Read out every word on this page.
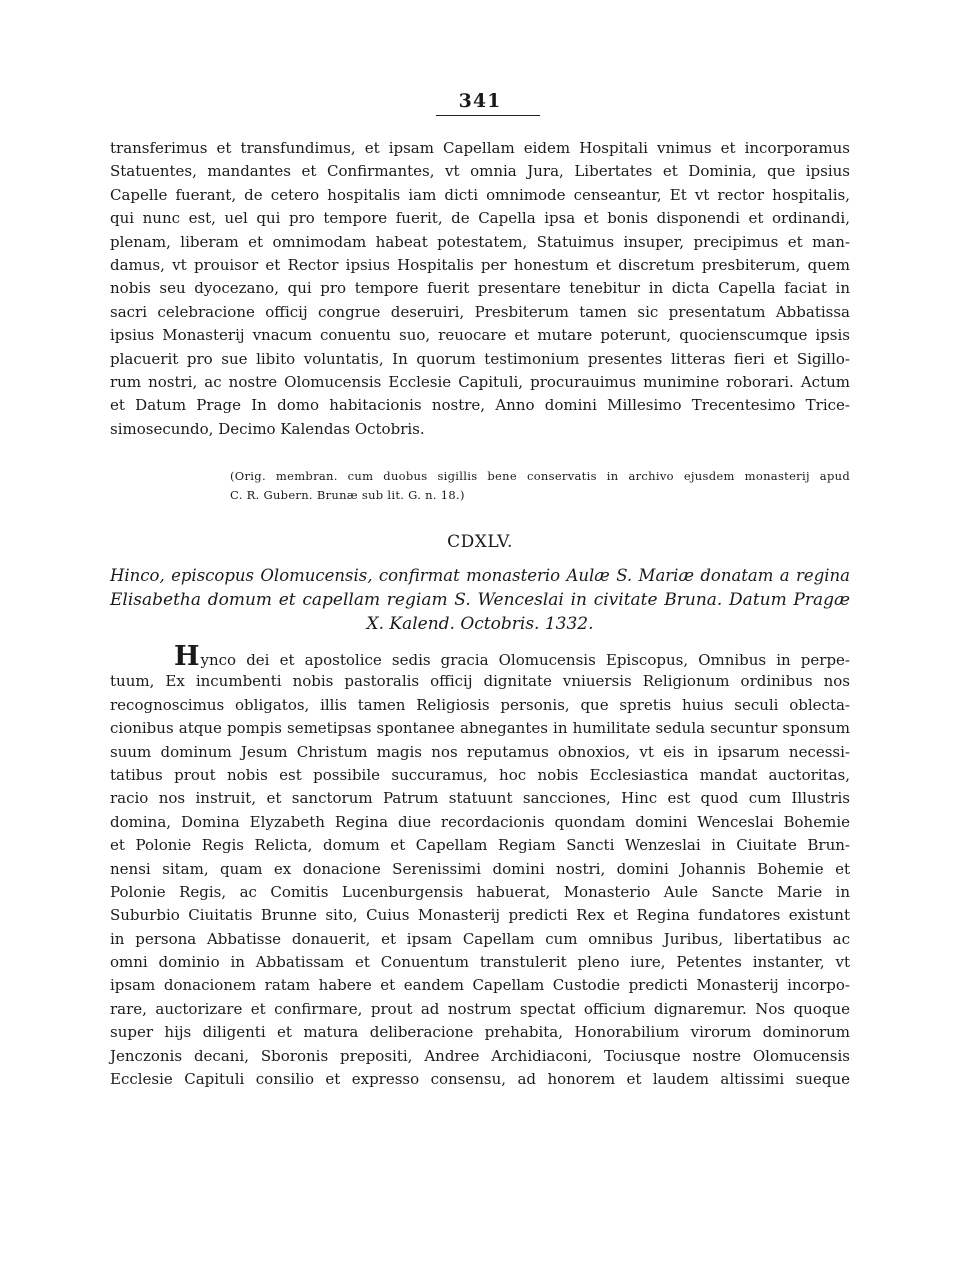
341
transferimus et transfundimus, et ipsam Capellam eidem Hospitali vnimus et incorporamus
Statuentes, mandantes et Confirmantes, vt omnia Jura, Libertates et Dominia, que ipsius
Capelle fuerant, de cetero hospitalis iam dicti omnimode censeantur, Et vt rector hospitalis,
qui nunc est, uel qui pro tempore fuerit, de Capella ipsa et bonis disponendi et ordinandi,
plenam, liberam et omnimodam habeat potestatem, Statuimus insuper, precipimus et man-
damus, vt prouisor et Rector ipsius Hospitalis per honestum et discretum presbiterum, quem
nobis seu dyocezano, qui pro tempore fuerit presentare tenebitur in dicta Capella faciat in
sacri celebracione officij congrue deseruiri, Presbiterum tamen sic presentatum Abbatissa
ipsius Monasterij vnacum conuentu suo, reuocare et mutare poterunt, quocienscumque ipsis
placuerit pro sue libito voluntatis, In quorum testimonium presentes litteras fieri et Sigillo-
rum nostri, ac nostre Olomucensis Ecclesie Capituli, procurauimus munimine roborari. Actum
et Datum Prage In domo habitacionis nostre, Anno domini Millesimo Trecentesimo Trice-
simosecundo, Decimo Kalendas Octobris.
(Orig. membran. cum duobus sigillis bene conservatis in archivo ejusdem monasterij apud
C. R. Gubern. Brunæ sub lit. G. n. 18.)
CDXLV.
Hinco, episcopus Olomucensis, confirmat monasterio Aulæ S. Mariæ donatam a regina
Elisabetha domum et capellam regiam S. Wenceslai in civitate Bruna. Datum Pragæ
X. Kalend. Octobris. 1332.
Hynco dei et apostolice sedis gracia Olomucensis Episcopus, Omnibus in perpe-
tuum, Ex incumbenti nobis pastoralis officij dignitate vniuersis Religionum ordinibus nos
recognoscimus obligatos, illis tamen Religiosis personis, que spretis huius seculi oblecta-
cionibus atque pompis semetipsas spontanee abnegantes in humilitate sedula secuntur sponsum
suum dominum Jesum Christum magis nos reputamus obnoxios, vt eis in ipsarum necessi-
tatibus prout nobis est possibile succuramus, hoc nobis Ecclesiastica mandat auctoritas,
racio nos instruit, et sanctorum Patrum statuunt sancciones, Hinc est quod cum Illustris
domina, Domina Elyzabeth Regina diue recordacionis quondam domini Wenceslai Bohemie
et Polonie Regis Relicta, domum et Capellam Regiam Sancti Wenzeslai in Ciuitate Brun-
nensi sitam, quam ex donacione Serenissimi domini nostri, domini Johannis Bohemie et
Polonie Regis, ac Comitis Lucenburgensis habuerat, Monasterio Aule Sancte Marie in
Suburbio Ciuitatis Brunne sito, Cuius Monasterij predicti Rex et Regina fundatores existunt
in persona Abbatisse donauerit, et ipsam Capellam cum omnibus Juribus, libertatibus ac
omni dominio in Abbatissam et Conuentum transtulerit pleno iure, Petentes instanter, vt
ipsam donacionem ratam habere et eandem Capellam Custodie predicti Monasterij incorpo-
rare, auctorizare et confirmare, prout ad nostrum spectat officium dignaremur. Nos quoque
super hijs diligenti et matura deliberacione prehabita, Honorabilium virorum dominorum
Jenczonis decani, Sboronis prepositi, Andree Archidiaconi, Tociusque nostre Olomucensis
Ecclesie Capituli consilio et expresso consensu, ad honorem et laudem altissimi sueque
